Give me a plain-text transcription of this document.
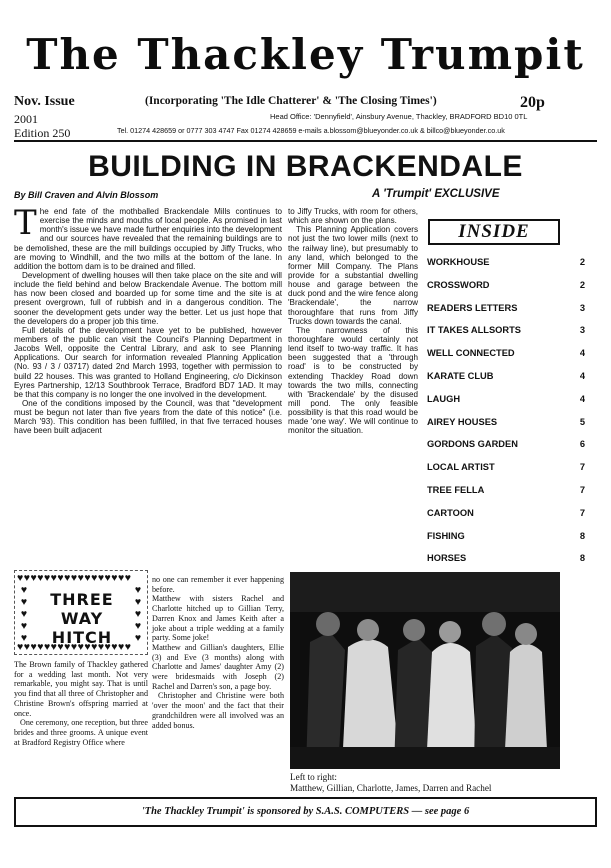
The Thackley Trumpit
Nov. Issue	(Incorporating 'The Idle Chatterer' & 'The Closing Times')	20p
2001
Edition 250
Head Office: 'Dennyfield', Ainsbury Avenue, Thackley, BRADFORD BD10 0TL
Tel. 01274 428659 or 0777 303 4747 Fax 01274 428659 e-mails a.blossom@blueyonder.co.uk & billco@blueyonder.co.uk
BUILDING IN BRACKENDALE
By Bill Craven and Alvin Blossom	A 'Trumpit' EXCLUSIVE

The end fate of the mothballed Brackendale Mills continues to exercise the minds and mouths of local people. As promised in last month's issue we have made further enquiries into the development and our sources have revealed that the remaining buildings are to be demolished, these are the mill buildings occupied by Jiffy Trucks, who are moving to Windhill, and the two mills at the bottom of the lane. In addition the bottom dam is to be drained and filled.

Development of dwelling houses will then take place on the site and will include the field behind and below Brackendale Avenue. The bottom mill has now been closed and boarded up for some time and the site is at present overgrown, full of rubbish and in a dangerous condition. The sooner the development gets under way the better. Let us just hope that the developers do a proper job this time.

Full details of the development have yet to be published, however members of the public can visit the Council's Planning Department in Jacobs Well, opposite the Central Library, and ask to see Planning Applications. Our search for information revealed Planning Application (No. 93 / 3 / 03717) dated 2nd March 1993, together with permission to build 22 houses. This was granted to Holland Engineering, c/o Dickinson Eyres Partnership, 12/13 Southbrook Terrace, Bradford BD7 1AD. It may be that this company is no longer the one involved in the development.

One of the conditions imposed by the Council, was that "development must be begun not later than five years from the date of this notice" (i.e. March '93). This condition has been fulfilled, in that five terraced houses have been built adjacent

to Jiffy Trucks, with room for others, which are shown on the plans.

This Planning Application covers not just the two lower mills (next to the railway line), but presumably to any land, which belonged to the former Mill Company. The Plans provide for a substantial dwelling house and garage between the duck pond and the wire fence along 'Brackendale', the narrow thoroughfare that runs from Jiffy Trucks down towards the canal.

The narrowness of this thoroughfare would certainly not lend itself to two-way traffic. It has been suggested that a 'through road' is to be constructed by extending Thackley Road down towards the two mills, connecting with 'Brackendale' by the disused mill pond. The only feasible possibility is that this road would be made 'one way'. We will continue to monitor the situation.

INSIDE
WORKHOUSE	2
CROSSWORD	2
READERS LETTERS	3
IT TAKES ALLSORTS	3
WELL CONNECTED	4
KARATE CLUB	4
LAUGH	4
AIREY HOUSES	5
GORDONS GARDEN	6
LOCAL ARTIST	7
TREE FELLA	7
CARTOON	7
FISHING	8
HORSES	8
♥♥♥♥♥♥♥♥♥♥♥♥♥♥♥♥♥
♥
♥
♥
♥
♥
♥
♥
♥
♥
♥
THREE WAY
HITCH
♥♥♥♥♥♥♥♥♥♥♥♥♥♥♥♥♥

The Brown family of Thackley gathered for a wedding last month. Not very remarkable, you might say. That is until you find that all three of Christopher and Christine Brown's offspring married at once.

One ceremony, one reception, but three brides and three grooms. A unique event at Bradford Registry Office where

no one can remember it ever happening before.

Matthew with sisters Rachel and Charlotte hitched up to Gillian Terry, Darren Knox and James Keith after a joke about a triple wedding at a family party. Some joke!

Matthew and Gillian's daughters, Ellie (3) and Eve (3 months) along with Charlotte and James' daughter Amy (2) were bridesmaids with Joseph (2) Rachel and Darren's son, a page boy.

Christopher and Christine were both 'over the moon' and the fact that their grandchildren were all involved was an added bonus.

Left to right:
Matthew, Gillian, Charlotte, James, Darren and Rachel
'The Thackley Trumpit' is sponsored by S.A.S. COMPUTERS — see page 6
